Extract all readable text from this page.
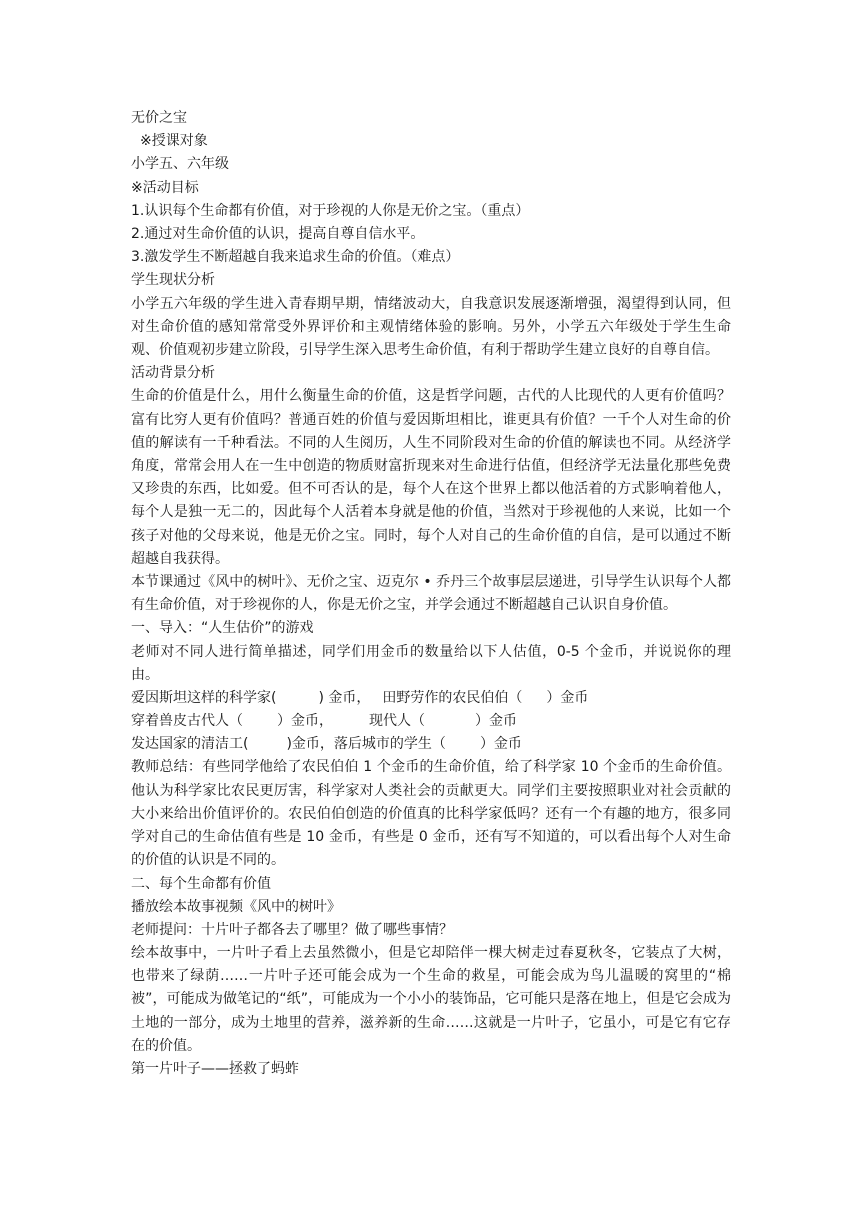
无价之宝
※授课对象
小学五、六年级
※活动目标
1.认识每个生命都有价值，对于珍视的人你是无价之宝。（重点）
2.通过对生命价值的认识，提高自尊自信水平。
3.激发学生不断超越自我来追求生命的价值。（难点）
学生现状分析
小学五六年级的学生进入青春期早期，情绪波动大，自我意识发展逐渐增强，渴望得到认同，但对生命价值的感知常常受外界评价和主观情绪体验的影响。另外，小学五六年级处于学生生命观、价值观初步建立阶段，引导学生深入思考生命价值，有利于帮助学生建立良好的自尊自信。
活动背景分析
生命的价值是什么，用什么衡量生命的价值，这是哲学问题，古代的人比现代的人更有价值吗？富有比穷人更有价值吗？普通百姓的价值与爱因斯坦相比，谁更具有价值？一千个人对生命的价值的解读有一千种看法。不同的人生阅历，人生不同阶段对生命的价值的解读也不同。从经济学角度，常常会用人在一生中创造的物质财富折现来对生命进行估值，但经济学无法量化那些免费又珍贵的东西，比如爱。但不可否认的是，每个人在这个世界上都以他活着的方式影响着他人，每个人是独一无二的，因此每个人活着本身就是他的价值，当然对于珍视他的人来说，比如一个孩子对他的父母来说，他是无价之宝。同时，每个人对自己的生命价值的自信，是可以通过不断超越自我获得。
本节课通过《风中的树叶》、无价之宝、迈克尔 • 乔丹三个故事层层递进，引导学生认识每个人都有生命价值，对于珍视你的人，你是无价之宝，并学会通过不断超越自己认识自身价值。
一、导入：“人生估价”的游戏
老师对不同人进行简单描述，同学们用金币的数量给以下人估值，0-5 个金币，并说说你的理由。
爱因斯坦这样的科学家(	) 金币， 田野劳作的农民伯伯（ ）金币
穿着兽皮古代人（ ）金币，	现代人（	）金币
发达国家的清洁工(	)金币，落后城市的学生（ ）金币
教师总结：有些同学他给了农民伯伯 1 个金币的生命价值，给了科学家 10 个金币的生命价值。他认为科学家比农民更厉害，科学家对人类社会的贡献更大。同学们主要按照职业对社会贡献的大小来给出价值评价的。农民伯伯创造的价值真的比科学家低吗？还有一个有趣的地方，很多同学对自己的生命估值有些是 10 金币，有些是 0 金币，还有写不知道的，可以看出每个人对生命的价值的认识是不同的。
二、每个生命都有价值
播放绘本故事视频《风中的树叶》
老师提问：十片叶子都各去了哪里？做了哪些事情？
绘本故事中，一片叶子看上去虽然微小，但是它却陪伴一棵大树走过春夏秋冬，它装点了大树，也带来了绿荫……一片叶子还可能会成为一个生命的救星，可能会成为鸟儿温暖的窝里的“棉被”，可能成为做笔记的“纸”，可能成为一个小小的装饰品，它可能只是落在地上，但是它会成为土地的一部分，成为土地里的营养，滋养新的生命……这就是一片叶子，它虽小，可是它有它存在的价值。
第一片叶子——拯救了蚂蚱
